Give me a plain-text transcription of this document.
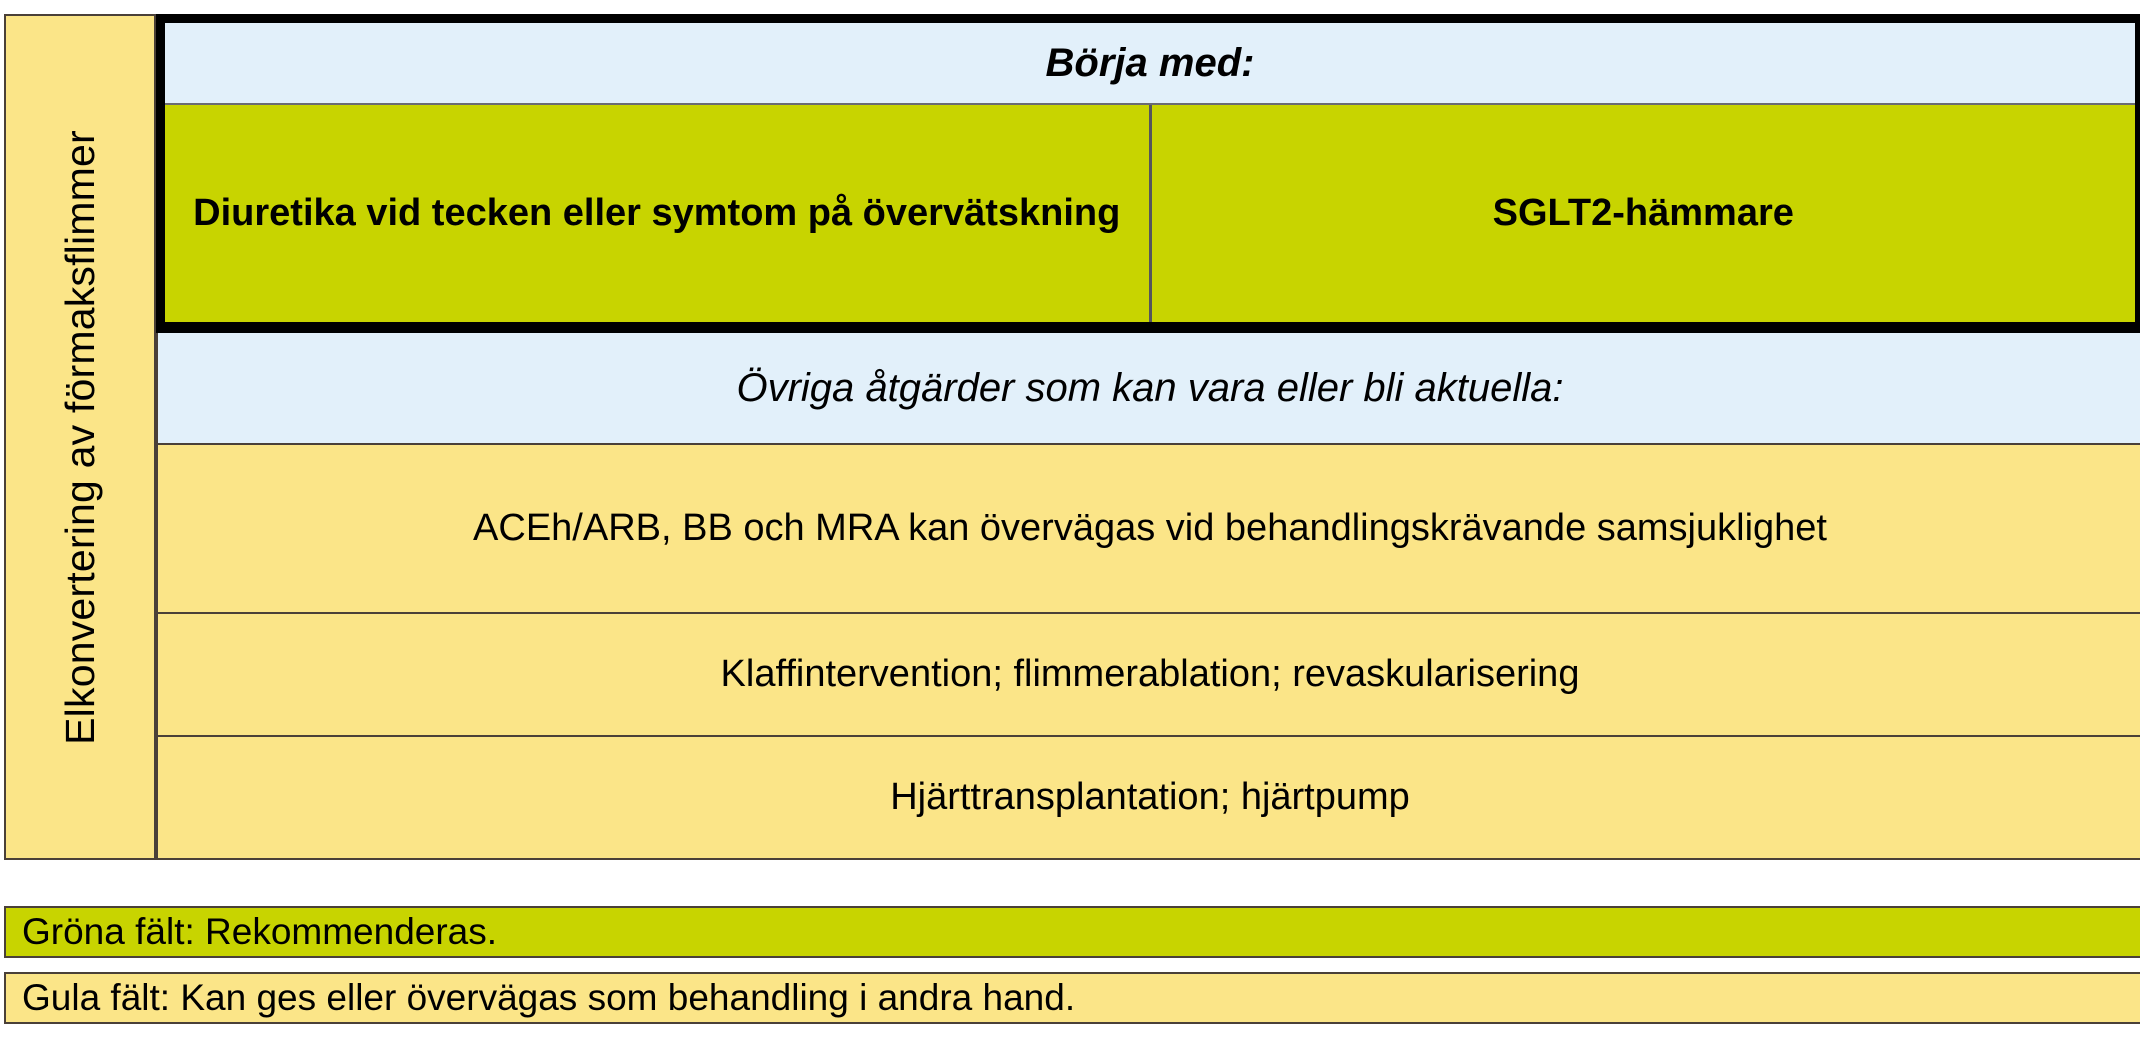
Elkonvertering av förmaksflimmer
Börja med:
Diuretika vid tecken eller symtom på övervätskning	SGLT2-hämmare
Övriga åtgärder som kan vara eller bli aktuella:
ACEh/ARB, BB och MRA kan övervägas vid behandlingskrävande samsjuklighet
Klaffintervention; flimmerablation; revaskularisering
Hjärttransplantation; hjärtpump
Gröna fält: Rekommenderas.
Gula fält: Kan ges eller övervägas som behandling i andra hand.
